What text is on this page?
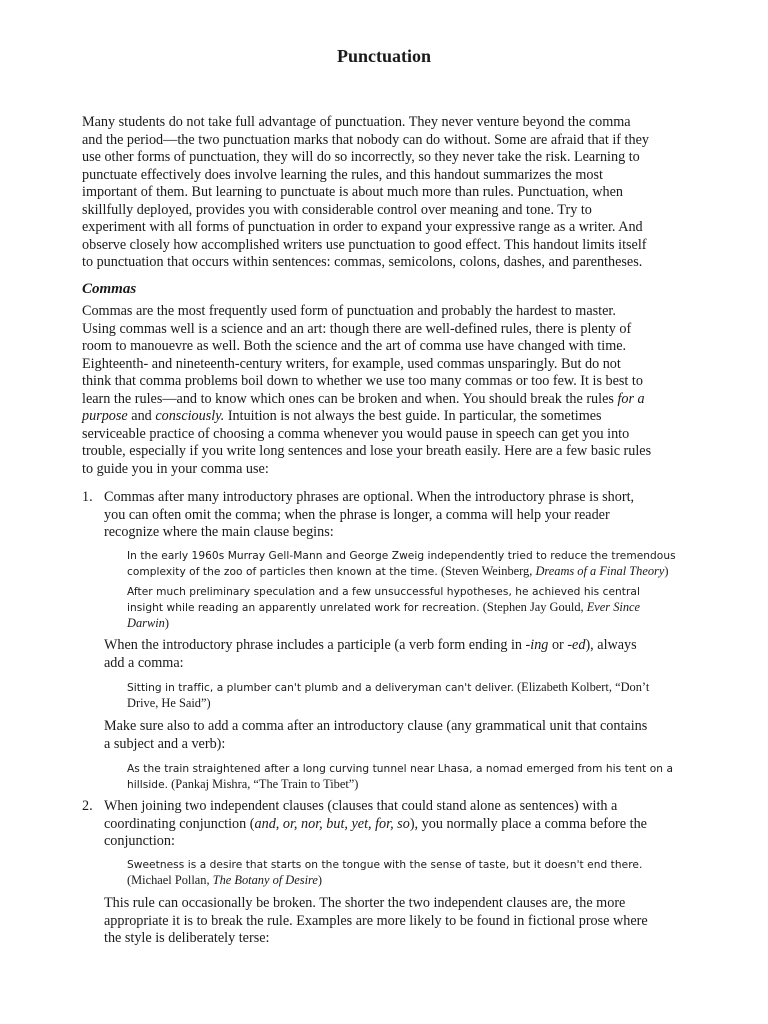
Punctuation
Many students do not take full advantage of punctuation. They never venture beyond the comma
and the period—the two punctuation marks that nobody can do without. Some are afraid that if they
use other forms of punctuation, they will do so incorrectly, so they never take the risk. Learning to
punctuate effectively does involve learning the rules, and this handout summarizes the most
important of them. But learning to punctuate is about much more than rules. Punctuation, when
skillfully deployed, provides you with considerable control over meaning and tone. Try to
experiment with all forms of punctuation in order to expand your expressive range as a writer. And
observe closely how accomplished writers use punctuation to good effect. This handout limits itself
to punctuation that occurs within sentences: commas, semicolons, colons, dashes, and parentheses.
Commas
Commas are the most frequently used form of punctuation and probably the hardest to master.
Using commas well is a science and an art: though there are well-defined rules, there is plenty of
room to manouevre as well. Both the science and the art of comma use have changed with time.
Eighteenth- and nineteenth-century writers, for example, used commas unsparingly. But do not
think that comma problems boil down to whether we use too many commas or too few. It is best to
learn the rules—and to know which ones can be broken and when. You should break the rules for a
purpose and consciously. Intuition is not always the best guide. In particular, the sometimes
serviceable practice of choosing a comma whenever you would pause in speech can get you into
trouble, especially if you write long sentences and lose your breath easily. Here are a few basic rules
to guide you in your comma use:
1. Commas after many introductory phrases are optional. When the introductory phrase is short,
you can often omit the comma; when the phrase is longer, a comma will help your reader
recognize where the main clause begins:
In the early 1960s Murray Gell-Mann and George Zweig independently tried to reduce the tremendous
complexity of the zoo of particles then known at the time. (Steven Weinberg, Dreams of a Final Theory)
After much preliminary speculation and a few unsuccessful hypotheses, he achieved his central
insight while reading an apparently unrelated work for recreation. (Stephen Jay Gould, Ever Since
Darwin)
When the introductory phrase includes a participle (a verb form ending in -ing or -ed), always
add a comma:
Sitting in traffic, a plumber can't plumb and a deliveryman can't deliver. (Elizabeth Kolbert, “Don’t
Drive, He Said”)
Make sure also to add a comma after an introductory clause (any grammatical unit that contains
a subject and a verb):
As the train straightened after a long curving tunnel near Lhasa, a nomad emerged from his tent on a
hillside. (Pankaj Mishra, “The Train to Tibet”)
2. When joining two independent clauses (clauses that could stand alone as sentences) with a
coordinating conjunction (and, or, nor, but, yet, for, so), you normally place a comma before the
conjunction:
Sweetness is a desire that starts on the tongue with the sense of taste, but it doesn't end there.
(Michael Pollan, The Botany of Desire)
This rule can occasionally be broken. The shorter the two independent clauses are, the more
appropriate it is to break the rule. Examples are more likely to be found in fictional prose where
the style is deliberately terse:
